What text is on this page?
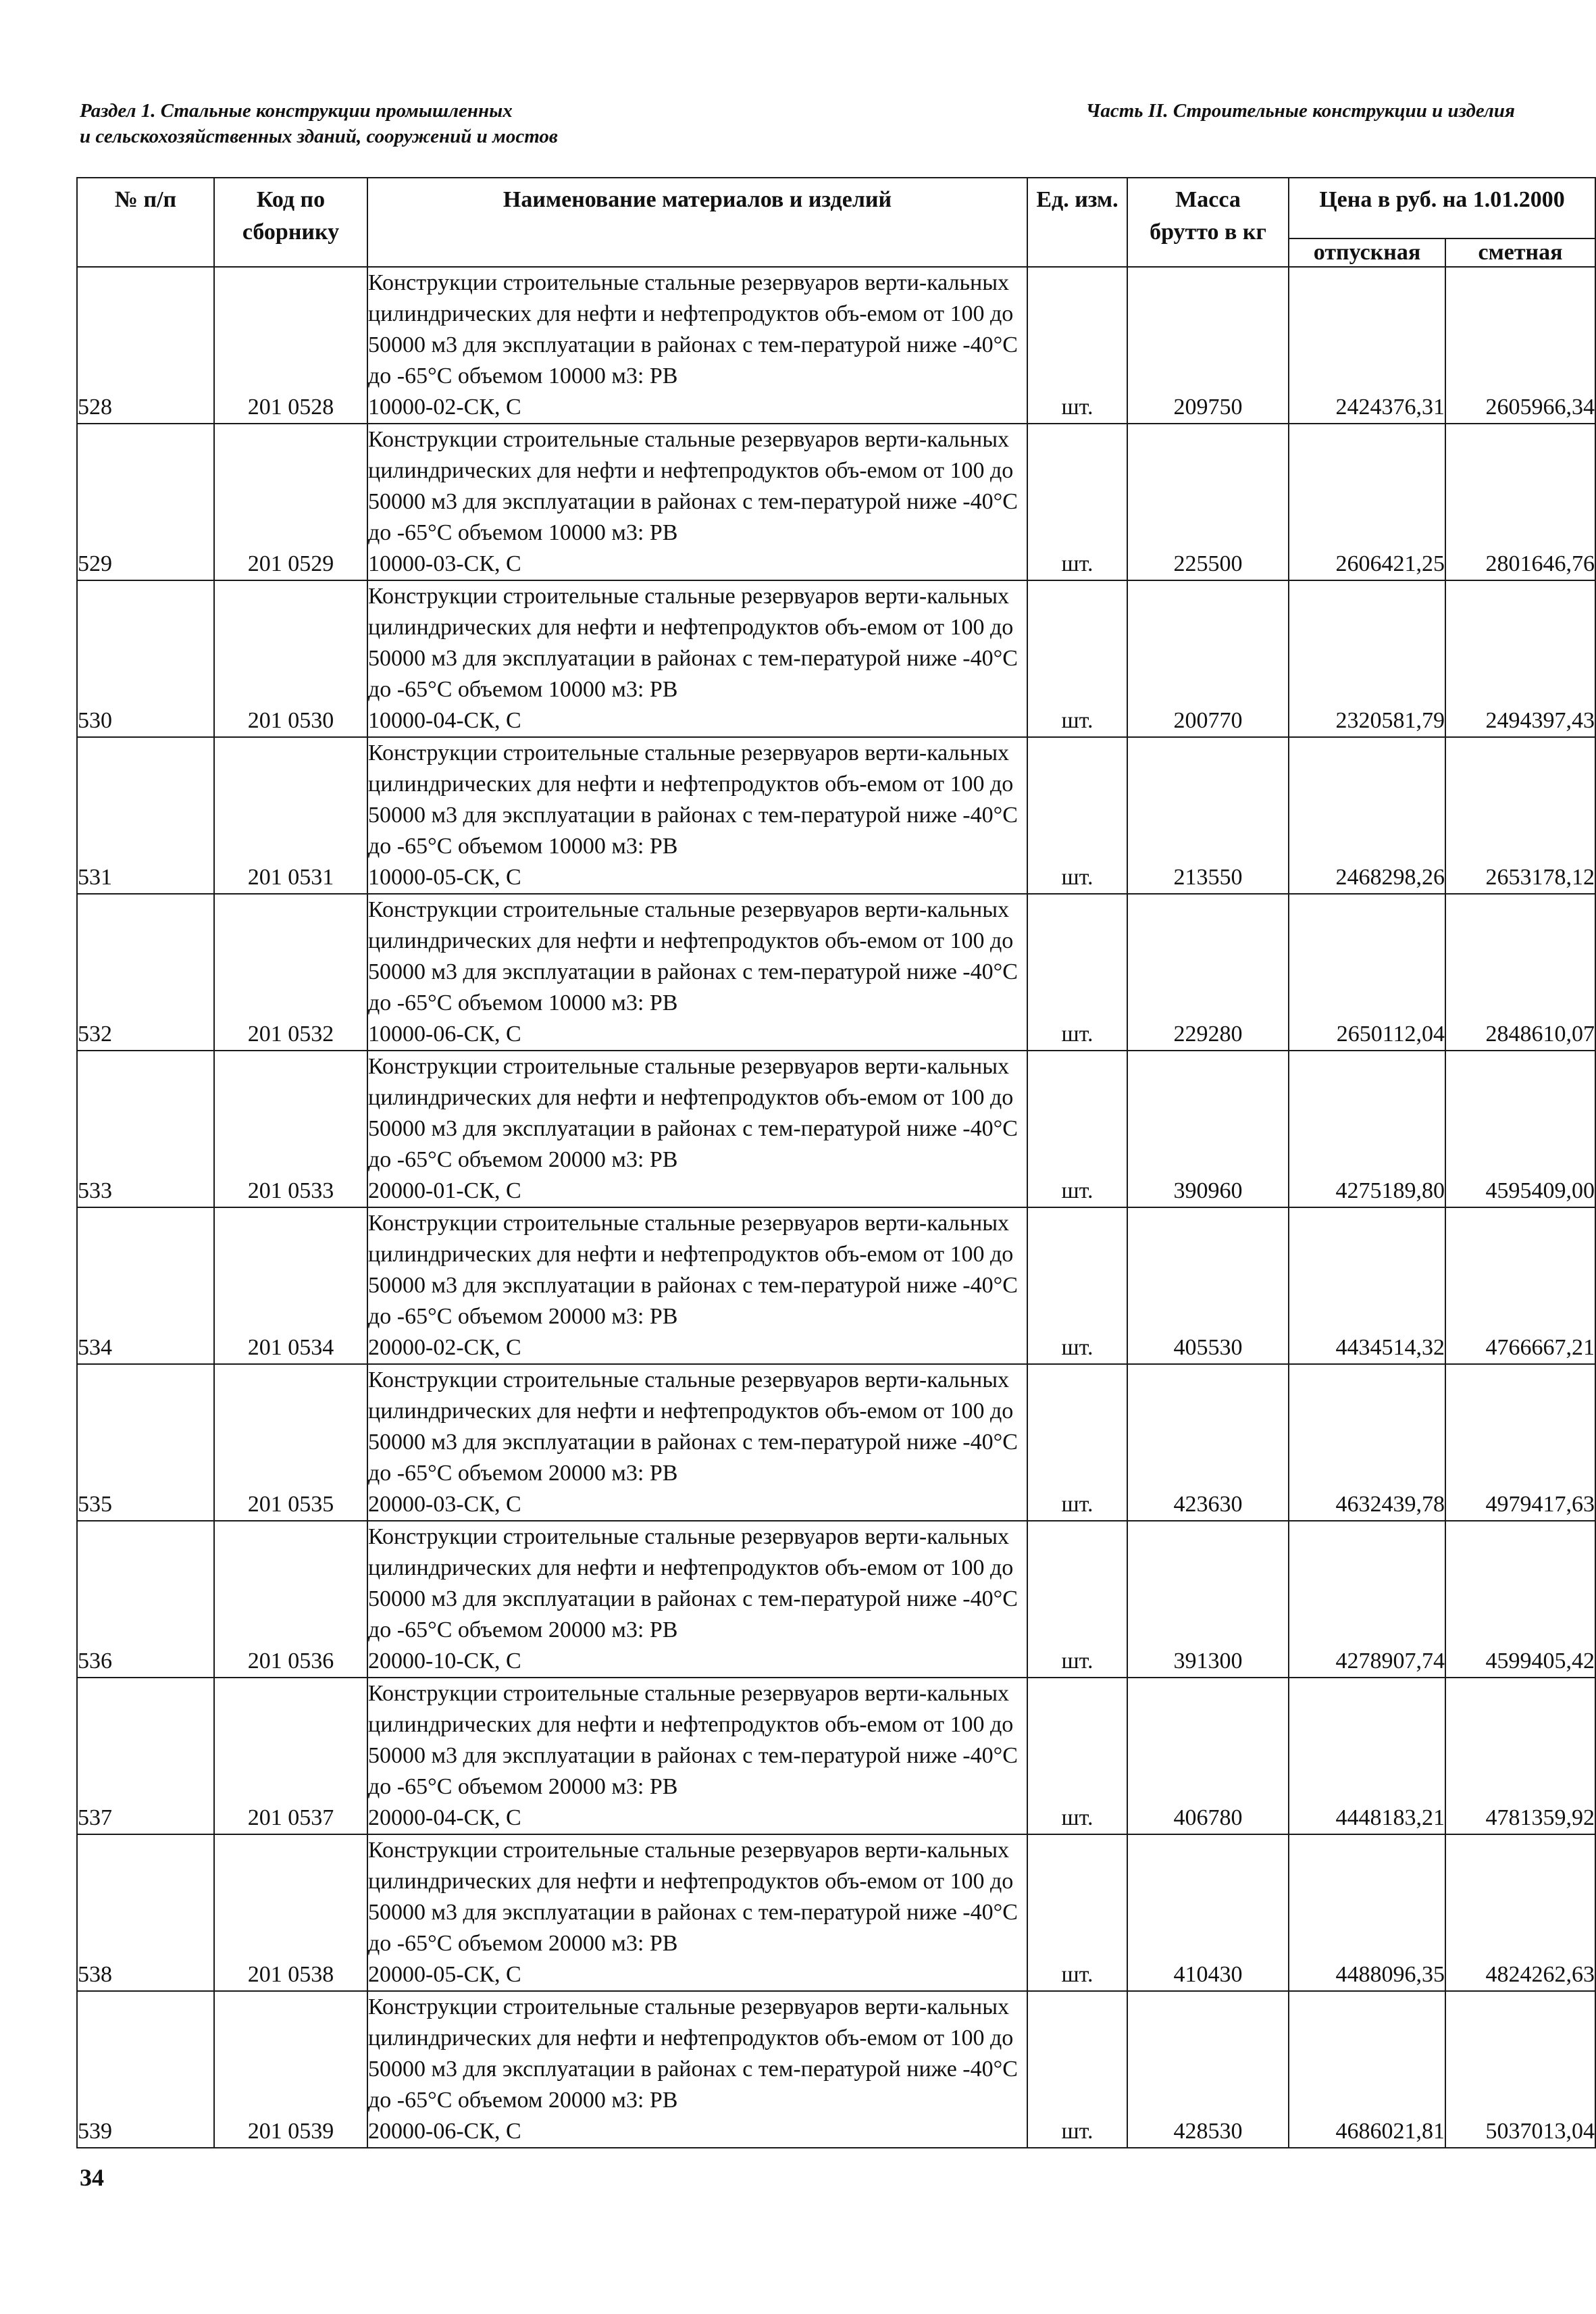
Раздел 1. Стальные конструкции промышленных
и сельскохозяйственных зданий, сооружений и мостов
Часть II. Строительные конструкции и изделия
№ п/п	Код по сборнику	Наименование материалов и изделий	Ед. изм.	Масса брутто в кг	Цена в руб. на 1.01.2000	
					отпускная	сметная
528	201 0528	Конструкции строительные стальные резервуаров верти-кальных цилиндрических для нефти и нефтепродуктов объ-емом от 100 до 50000 м3 для эксплуатации в районах с тем-пературой ниже -40°С до -65°С объемом 10000 м3: РВ
10000-02-СК, С	шт.	209750	2424376,31	2605966,34
529	201 0529	Конструкции строительные стальные резервуаров верти-кальных цилиндрических для нефти и нефтепродуктов объ-емом от 100 до 50000 м3 для эксплуатации в районах с тем-пературой ниже -40°С до -65°С объемом 10000 м3: РВ
10000-03-СК, С	шт.	225500	2606421,25	2801646,76
530	201 0530	Конструкции строительные стальные резервуаров верти-кальных цилиндрических для нефти и нефтепродуктов объ-емом от 100 до 50000 м3 для эксплуатации в районах с тем-пературой ниже -40°С до -65°С объемом 10000 м3: РВ
10000-04-СК, С	шт.	200770	2320581,79	2494397,43
531	201 0531	Конструкции строительные стальные резервуаров верти-кальных цилиндрических для нефти и нефтепродуктов объ-емом от 100 до 50000 м3 для эксплуатации в районах с тем-пературой ниже -40°С до -65°С объемом 10000 м3: РВ
10000-05-СК, С	шт.	213550	2468298,26	2653178,12
532	201 0532	Конструкции строительные стальные резервуаров верти-кальных цилиндрических для нефти и нефтепродуктов объ-емом от 100 до 50000 м3 для эксплуатации в районах с тем-пературой ниже -40°С до -65°С объемом 10000 м3: РВ
10000-06-СК, С	шт.	229280	2650112,04	2848610,07
533	201 0533	Конструкции строительные стальные резервуаров верти-кальных цилиндрических для нефти и нефтепродуктов объ-емом от 100 до 50000 м3 для эксплуатации в районах с тем-пературой ниже -40°С до -65°С объемом 20000 м3: РВ
20000-01-СК, С	шт.	390960	4275189,80	4595409,00
534	201 0534	Конструкции строительные стальные резервуаров верти-кальных цилиндрических для нефти и нефтепродуктов объ-емом от 100 до 50000 м3 для эксплуатации в районах с тем-пературой ниже -40°С до -65°С объемом 20000 м3: РВ
20000-02-СК, С	шт.	405530	4434514,32	4766667,21
535	201 0535	Конструкции строительные стальные резервуаров верти-кальных цилиндрических для нефти и нефтепродуктов объ-емом от 100 до 50000 м3 для эксплуатации в районах с тем-пературой ниже -40°С до -65°С объемом 20000 м3: РВ
20000-03-СК, С	шт.	423630	4632439,78	4979417,63
536	201 0536	Конструкции строительные стальные резервуаров верти-кальных цилиндрических для нефти и нефтепродуктов объ-емом от 100 до 50000 м3 для эксплуатации в районах с тем-пературой ниже -40°С до -65°С объемом 20000 м3: РВ
20000-10-СК, С	шт.	391300	4278907,74	4599405,42
537	201 0537	Конструкции строительные стальные резервуаров верти-кальных цилиндрических для нефти и нефтепродуктов объ-емом от 100 до 50000 м3 для эксплуатации в районах с тем-пературой ниже -40°С до -65°С объемом 20000 м3: РВ
20000-04-СК, С	шт.	406780	4448183,21	4781359,92
538	201 0538	Конструкции строительные стальные резервуаров верти-кальных цилиндрических для нефти и нефтепродуктов объ-емом от 100 до 50000 м3 для эксплуатации в районах с тем-пературой ниже -40°С до -65°С объемом 20000 м3: РВ
20000-05-СК, С	шт.	410430	4488096,35	4824262,63
539	201 0539	Конструкции строительные стальные резервуаров верти-кальных цилиндрических для нефти и нефтепродуктов объ-емом от 100 до 50000 м3 для эксплуатации в районах с тем-пературой ниже -40°С до -65°С объемом 20000 м3: РВ
20000-06-СК, С	шт.	428530	4686021,81	5037013,04
34
